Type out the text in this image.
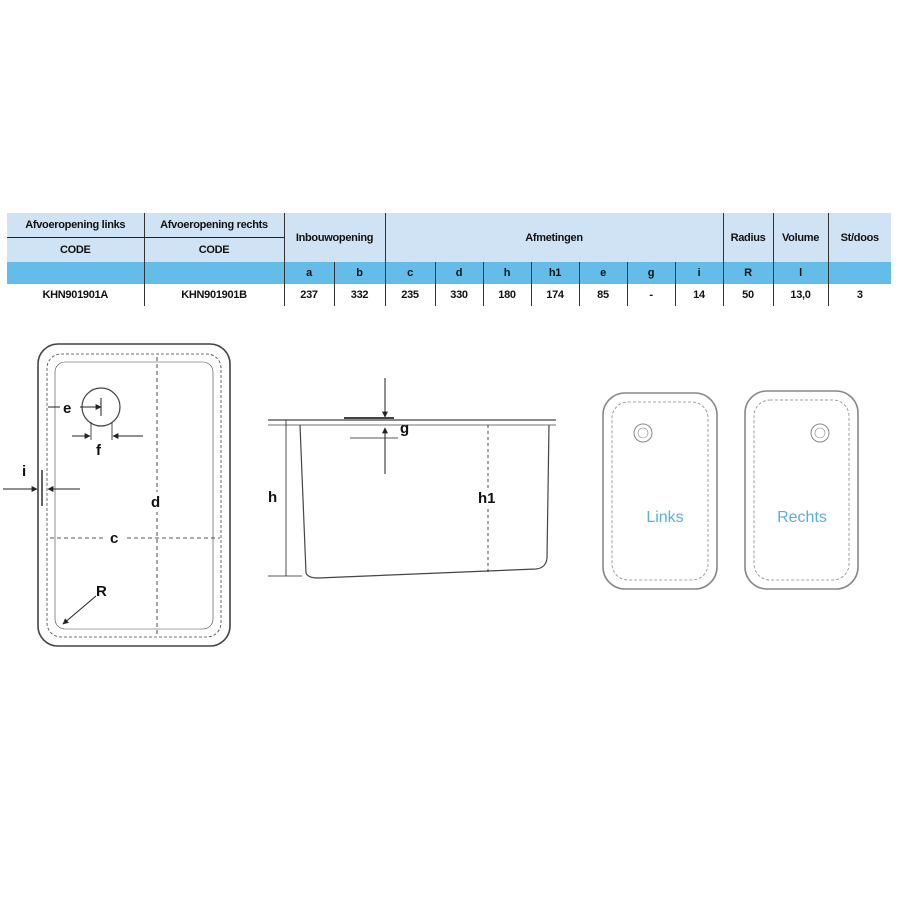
Afvoeropening links	Afvoeropening rechts	Inbouwopening		Afmetingen							Radius	Volume	St/doos
CODE	CODE												
		a	b	c	d	h	h1	e	g	i	R	l	
KHN901901A	KHN901901B	237	332	235	330	180	174	85	-	14	50	13,0	3
e
f
i
d
c
R
g
h	h1
Links	Rechts
